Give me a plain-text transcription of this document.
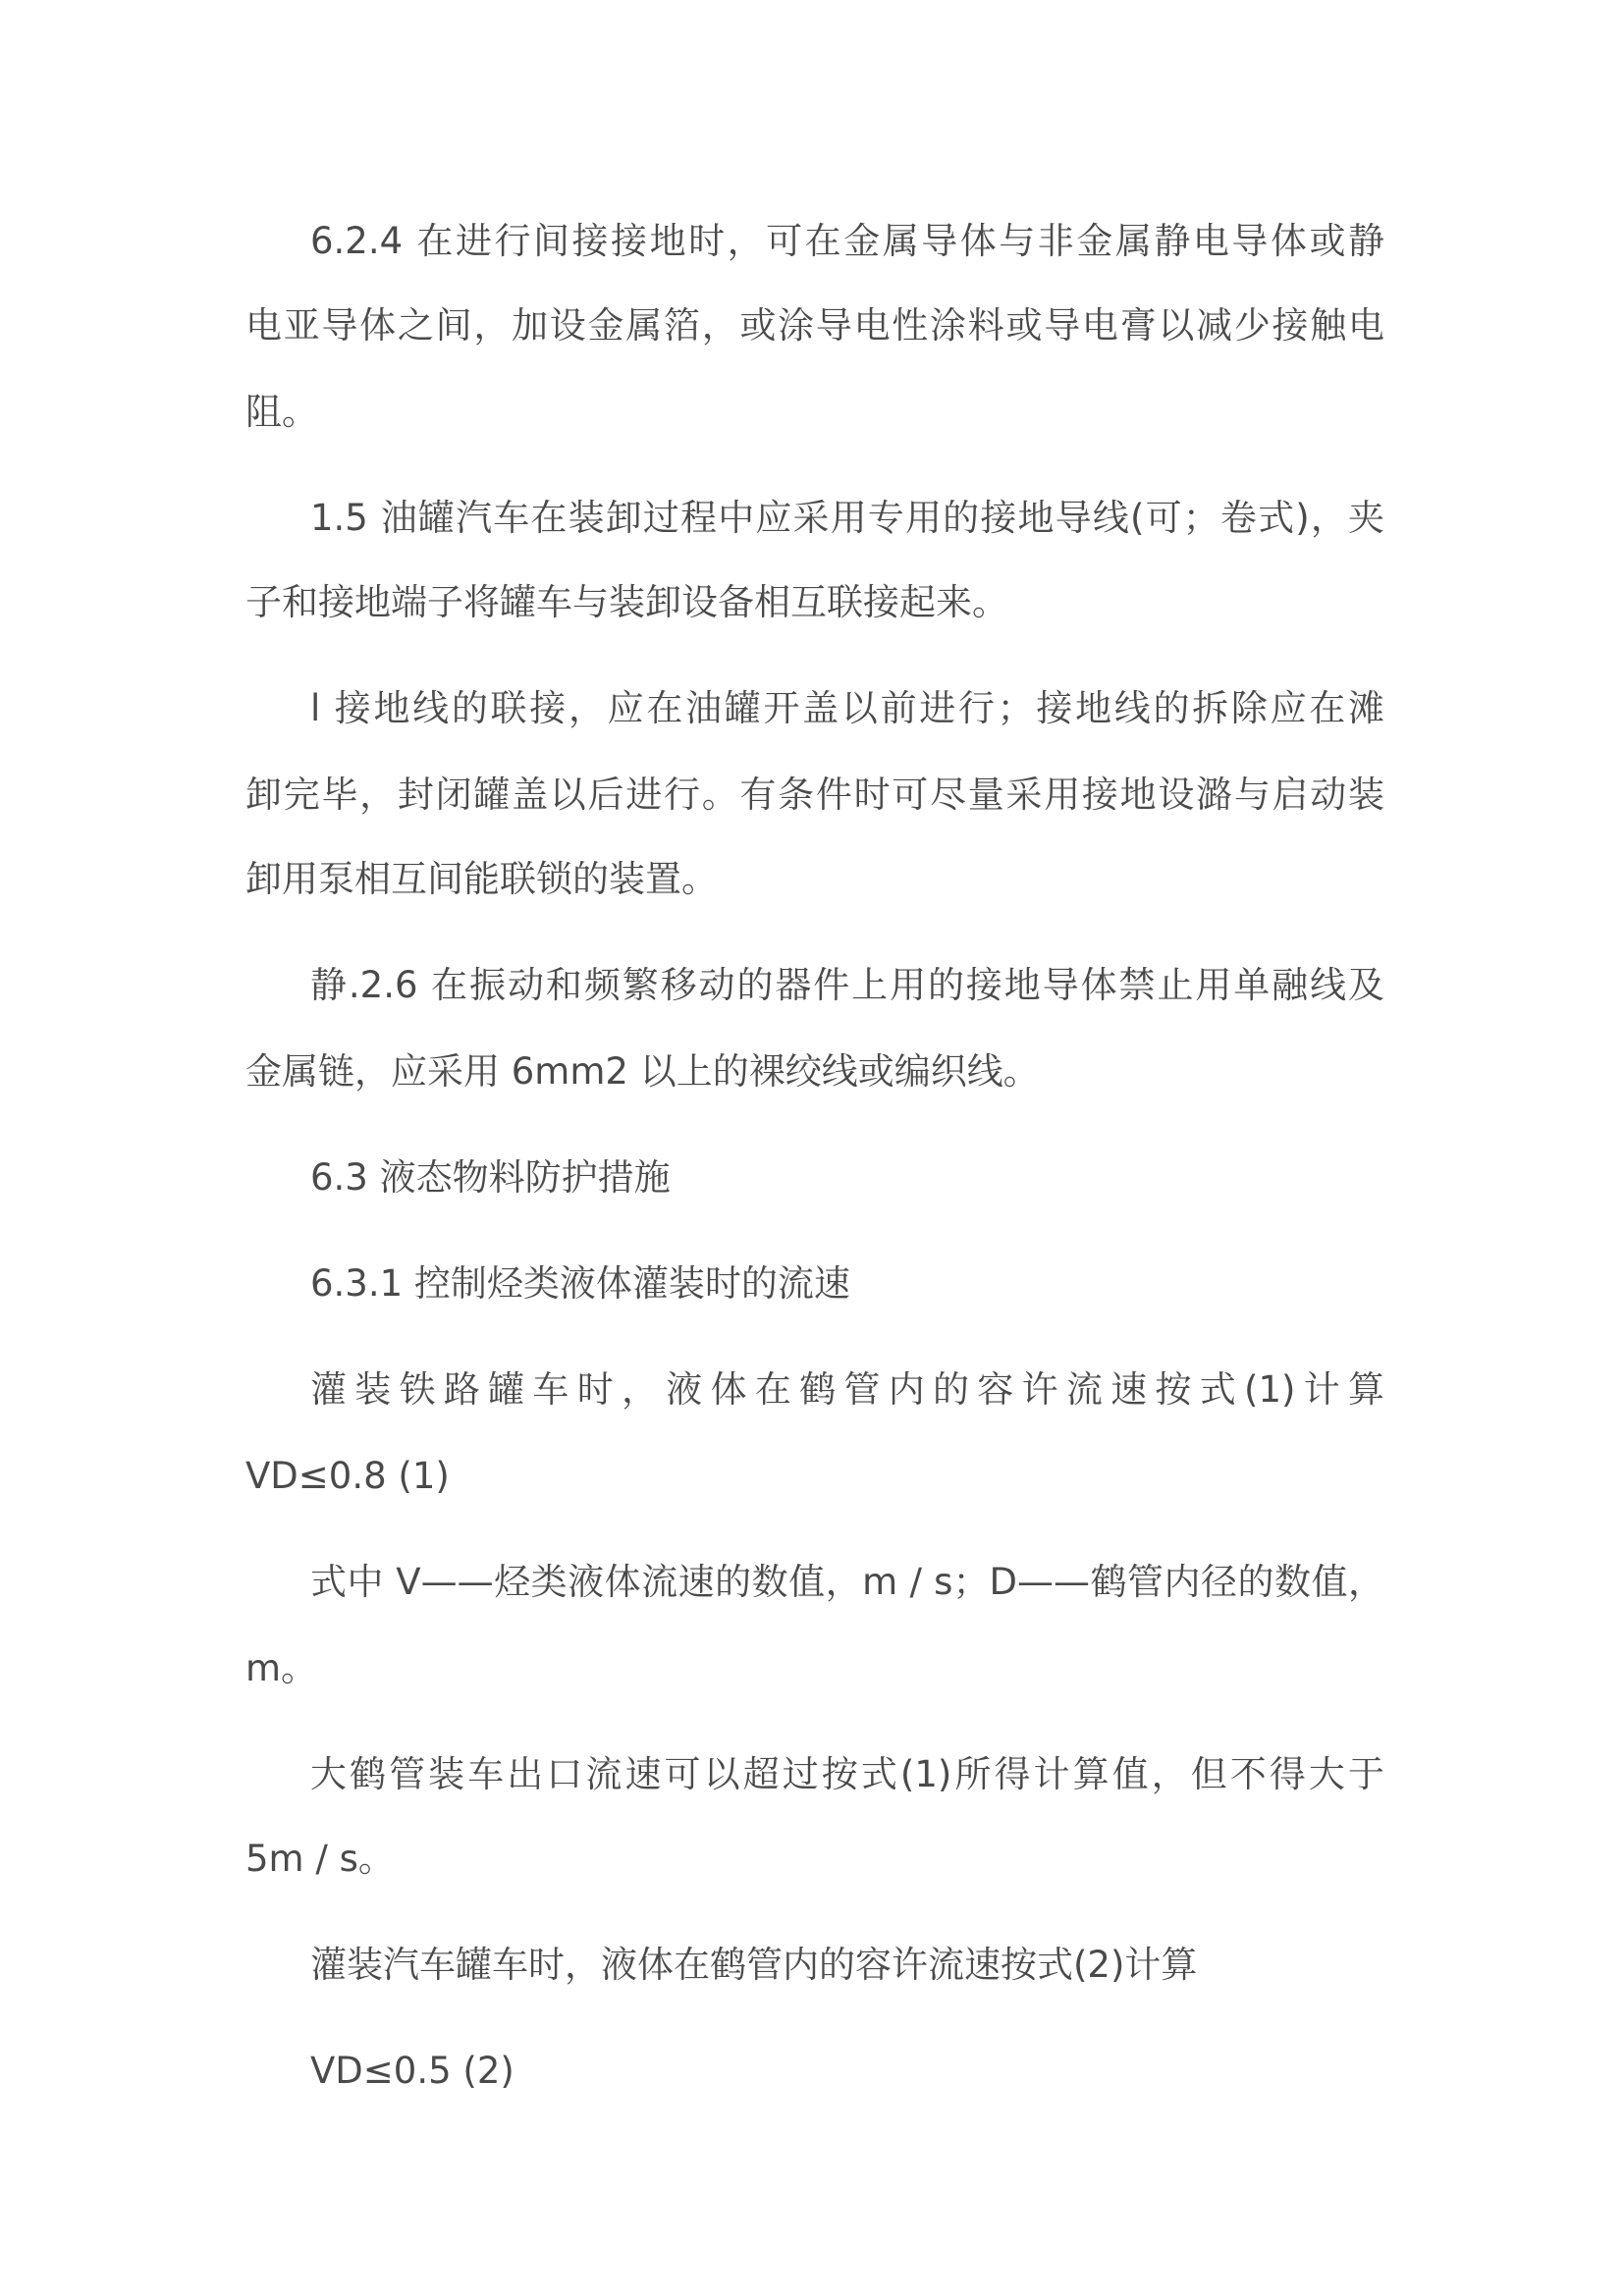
6.2.4 在进行间接接地时，可在金属导体与非金属静电导体或静
电亚导体之间，加设金属箔，或涂导电性涂料或导电膏以减少接触电
阻。
1.5 油罐汽车在装卸过程中应采用专用的接地导线(可；卷式)，夹
子和接地端子将罐车与装卸设备相互联接起来。
l 接地线的联接，应在油罐开盖以前进行；接地线的拆除应在滩
卸完毕，封闭罐盖以后进行。有条件时可尽量采用接地设潞与启动装
卸用泵相互间能联锁的装置。
静.2.6 在振动和频繁移动的器件上用的接地导体禁止用单融线及
金属链，应采用 6mm2 以上的裸绞线或编织线。
6.3 液态物料防护措施
6.3.1 控制烃类液体灌装时的流速
灌装铁路罐车时，液体在鹤管内的容许流速按式(1)计算
VD≤0.8 (1)
式中 V——烃类液体流速的数值，m / s；D——鹤管内径的数值，
m。
大鹤管装车出口流速可以超过按式(1)所得计算值，但不得大于
5m / s。
灌装汽车罐车时，液体在鹤管内的容许流速按式(2)计算
VD≤0.5 (2)
